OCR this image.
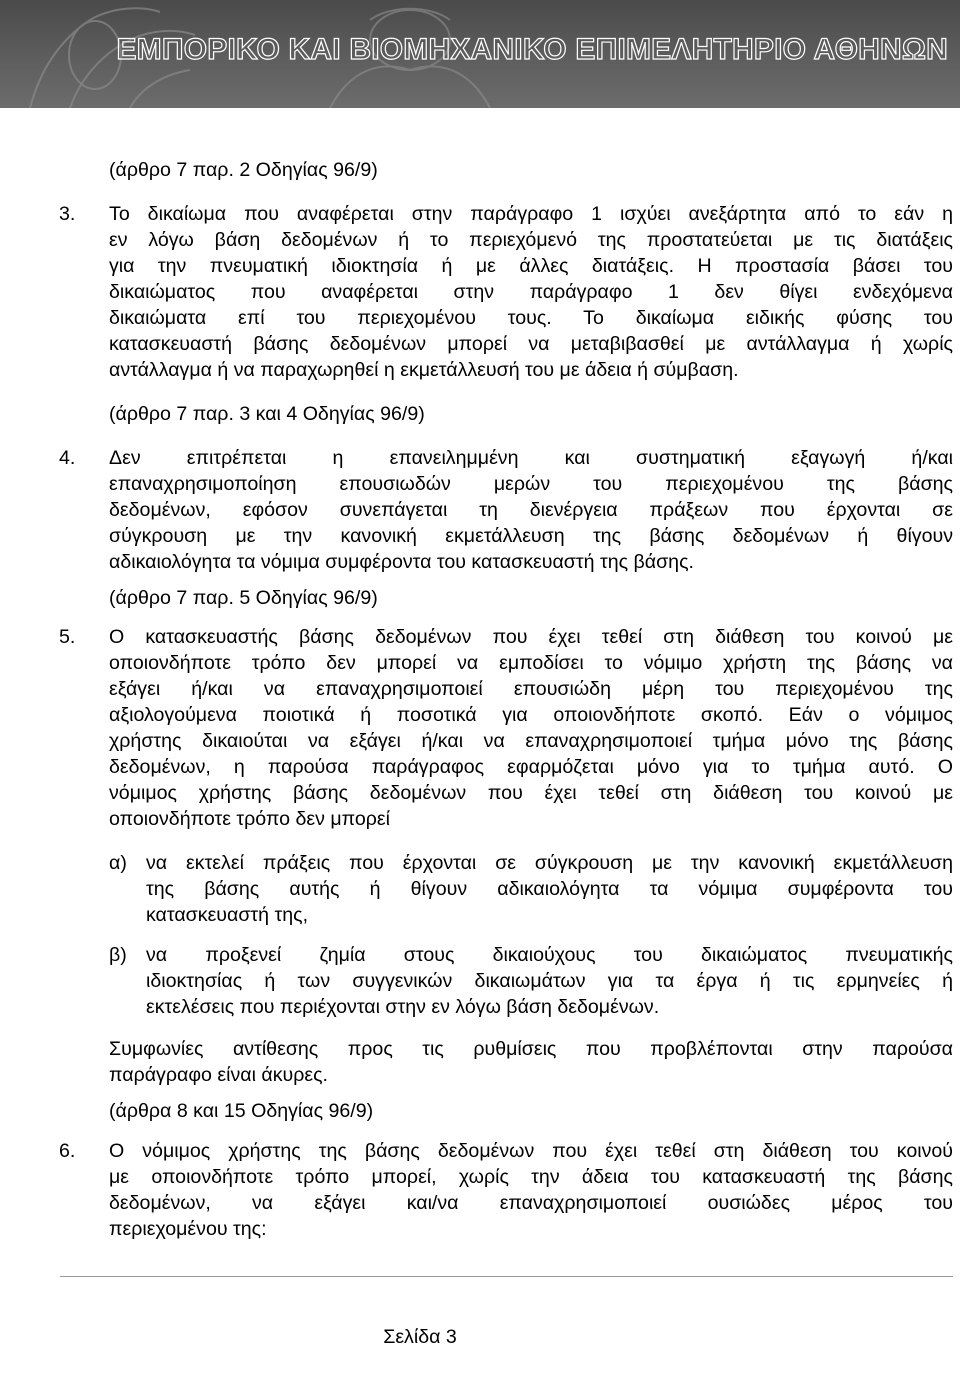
ΕΜΠΟΡΙΚΟ ΚΑΙ ΒΙΟΜΗΧΑΝΙΚΟ ΕΠΙΜΕΛΗΤΗΡΙΟ ΑΘΗΝΩΝ
(άρθρο 7 παρ. 2 Οδηγίας 96/9)
3. Το δικαίωμα που αναφέρεται στην παράγραφο 1 ισχύει ανεξάρτητα από το εάν η
εν λόγω βάση δεδομένων ή το περιεχόμενό της προστατεύεται με τις διατάξεις
για την πνευματική ιδιοκτησία ή με άλλες διατάξεις. Η προστασία βάσει του
δικαιώματος που αναφέρεται στην παράγραφο 1 δεν θίγει ενδεχόμενα
δικαιώματα επί του περιεχομένου τους. Το δικαίωμα ειδικής φύσης του
κατασκευαστή βάσης δεδομένων μπορεί να μεταβιβασθεί με αντάλλαγμα ή χωρίς
αντάλλαγμα ή να παραχωρηθεί η εκμετάλλευσή του με άδεια ή σύμβαση.
(άρθρο 7 παρ. 3 και 4 Οδηγίας 96/9)
4. Δεν επιτρέπεται η επανειλημμένη και συστηματική εξαγωγή ή/και
επαναχρησιμοποίηση επουσιωδών μερών του περιεχομένου της βάσης
δεδομένων, εφόσον συνεπάγεται τη διενέργεια πράξεων που έρχονται σε
σύγκρουση με την κανονική εκμετάλλευση της βάσης δεδομένων ή θίγουν
αδικαιολόγητα τα νόμιμα συμφέροντα του κατασκευαστή της βάσης.
(άρθρο 7 παρ. 5 Οδηγίας 96/9)
5. Ο κατασκευαστής βάσης δεδομένων που έχει τεθεί στη διάθεση του κοινού με
οποιονδήποτε τρόπο δεν μπορεί να εμποδίσει το νόμιμο χρήστη της βάσης να
εξάγει ή/και να επαναχρησιμοποιεί επουσιώδη μέρη του περιεχομένου της
αξιολογούμενα ποιοτικά ή ποσοτικά για οποιονδήποτε σκοπό. Εάν ο νόμιμος
χρήστης δικαιούται να εξάγει ή/και να επαναχρησιμοποιεί τμήμα μόνο της βάσης
δεδομένων, η παρούσα παράγραφος εφαρμόζεται μόνο για το τμήμα αυτό. Ο
νόμιμος χρήστης βάσης δεδομένων που έχει τεθεί στη διάθεση του κοινού με
οποιονδήποτε τρόπο δεν μπορεί
α) να εκτελεί πράξεις που έρχονται σε σύγκρουση με την κανονική εκμετάλλευση
της βάσης αυτής ή θίγουν αδικαιολόγητα τα νόμιμα συμφέροντα του
κατασκευαστή της,
β) να προξενεί ζημία στους δικαιούχους του δικαιώματος πνευματικής
ιδιοκτησίας ή των συγγενικών δικαιωμάτων για τα έργα ή τις ερμηνείες ή
εκτελέσεις που περιέχονται στην εν λόγω βάση δεδομένων.
Συμφωνίες αντίθεσης προς τις ρυθμίσεις που προβλέπονται στην παρούσα
παράγραφο είναι άκυρες.
(άρθρα 8 και 15 Οδηγίας 96/9)
6. Ο νόμιμος χρήστης της βάσης δεδομένων που έχει τεθεί στη διάθεση του κοινού
με οποιονδήποτε τρόπο μπορεί, χωρίς την άδεια του κατασκευαστή της βάσης
δεδομένων, να εξάγει και/να επαναχρησιμοποιεί ουσιώδες μέρος του
περιεχομένου της:
Σελίδα 3
